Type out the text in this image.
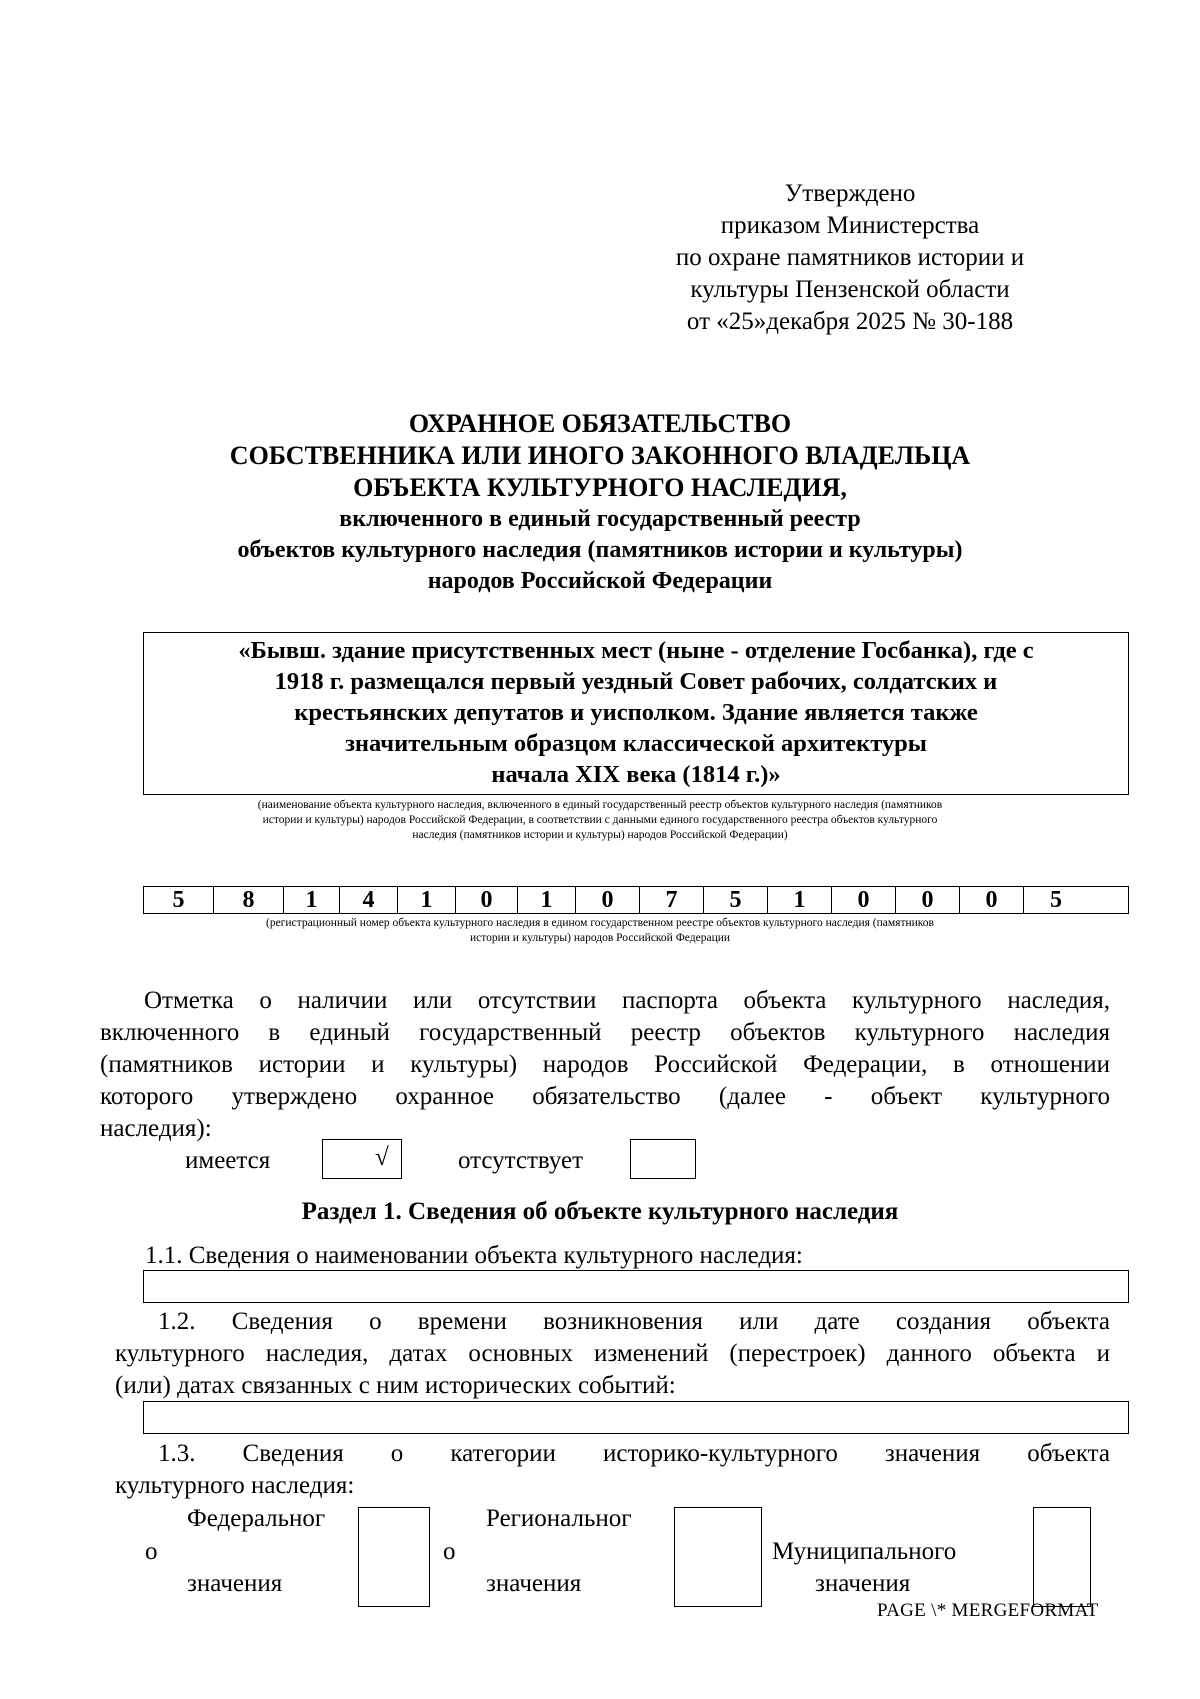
Утверждено
приказом Министерства
по охране памятников истории и
культуры Пензенской области
от «25»декабря 2025 № 30-188
ОХРАННОЕ ОБЯЗАТЕЛЬСТВО
СОБСТВЕННИКА ИЛИ ИНОГО ЗАКОННОГО ВЛАДЕЛЬЦА
ОБЪЕКТА КУЛЬТУРНОГО НАСЛЕДИЯ,
включенного в единый государственный реестр
объектов культурного наследия (памятников истории и культуры)
народов Российской Федерации
«Бывш. здание присутственных мест (ныне - отделение Госбанка), где с
1918 г. размещался первый уездный Совет рабочих, солдатских и
крестьянских депутатов и уисполком. Здание является также
значительным образцом классической архитектуры
начала XIX века (1814 г.)»
(наименование объекта культурного наследия, включенного в единый государственный реестр объектов культурного наследия (памятников
истории и культуры) народов Российской Федерации, в соответствии с данными единого государственного реестра объектов культурного
наследия (памятников истории и культуры) народов Российской Федерации)
5	8	1	4	1	0	1	0	7	5	1	0	0	0	5
(регистрационный номер объекта культурного наследия в едином государственном реестре объектов культурного наследия (памятников
истории и культуры) народов Российской Федерации
Отметка о наличии или отсутствии паспорта объекта культурного наследия,
включенного в единый государственный реестр объектов культурного наследия
(памятников истории и культуры) народов Российской Федерации, в отношении
которого утверждено охранное обязательство (далее - объект культурного
наследия):
имеется	√	отсутствует
Раздел 1. Сведения об объекте культурного наследия
1.1. Сведения о наименовании объекта культурного наследия:
1.2. Сведения о времени возникновения или дате создания объекта
культурного наследия, датах основных изменений (перестроек) данного объекта и
(или) датах связанных с ним исторических событий:
1.3. Сведения о категории историко-культурного значения объекта
культурного наследия:
Федеральног
о
значения
Региональног
о
значения
Муниципального
значения
PAGE \* MERGEFORMAT
